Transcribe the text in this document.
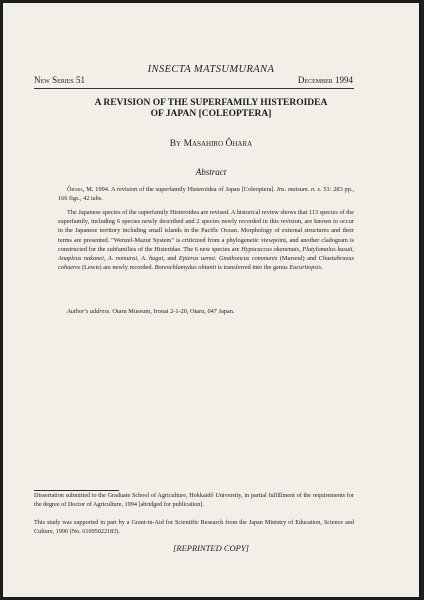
INSECTA MATSUMURANA
New Series 51	December 1994
A REVISION OF THE SUPERFAMILY HISTEROIDEA
OF JAPAN [COLEOPTERA]
By Masahiro Ôhara
Abstract

Ôhara, M. 1994. A revision of the superfamily Histeroidea of Japan [Coleoptera]. Ins. matsum. n. s. 51: 283 pp., 166 figs., 42 tabs.

The Japanese species of the superfamily Histeroidea are revised. A historical review shows that 113 species of the superfamily, including 6 species newly described and 2 species newly recorded in this revision, are known to occur in the Japanese territory including small islands in the Pacific Ocean. Morphology of external structures and their terms are presented. "Wenzel-Mazur System" is criticized from a phylogenetic viewpoint, and another cladogram is constructed for the subfamilies of the Histeridae. The 6 new species are Hypocaccus okanenais, Platylomalus kusuii, Anapleus nakanei, A. nomurai, A. hugai, and Epierus uenoi. Gnathoncus communis (Marseul) and Chaetabraeus cohaeres (Lewis) are newly recorded. Boreochlamydus ohtanii is transferred into the genus Eucurtiopsis.

Author's address. Otaru Museum, Ironai 2-1-20, Otaru, 047 Japan.

Dissertation submitted to the Graduate School of Agriculture, Hokkaidô University, in partial fulfillment of the requirements for the degree of Doctor of Agriculture, 1994 [abridged for publication].

This study was supported in part by a Grant-in-Aid for Scientific Research from the Japan Ministry of Education, Science and Culture, 1990 (No. 61095022183).

[REPRINTED COPY]
